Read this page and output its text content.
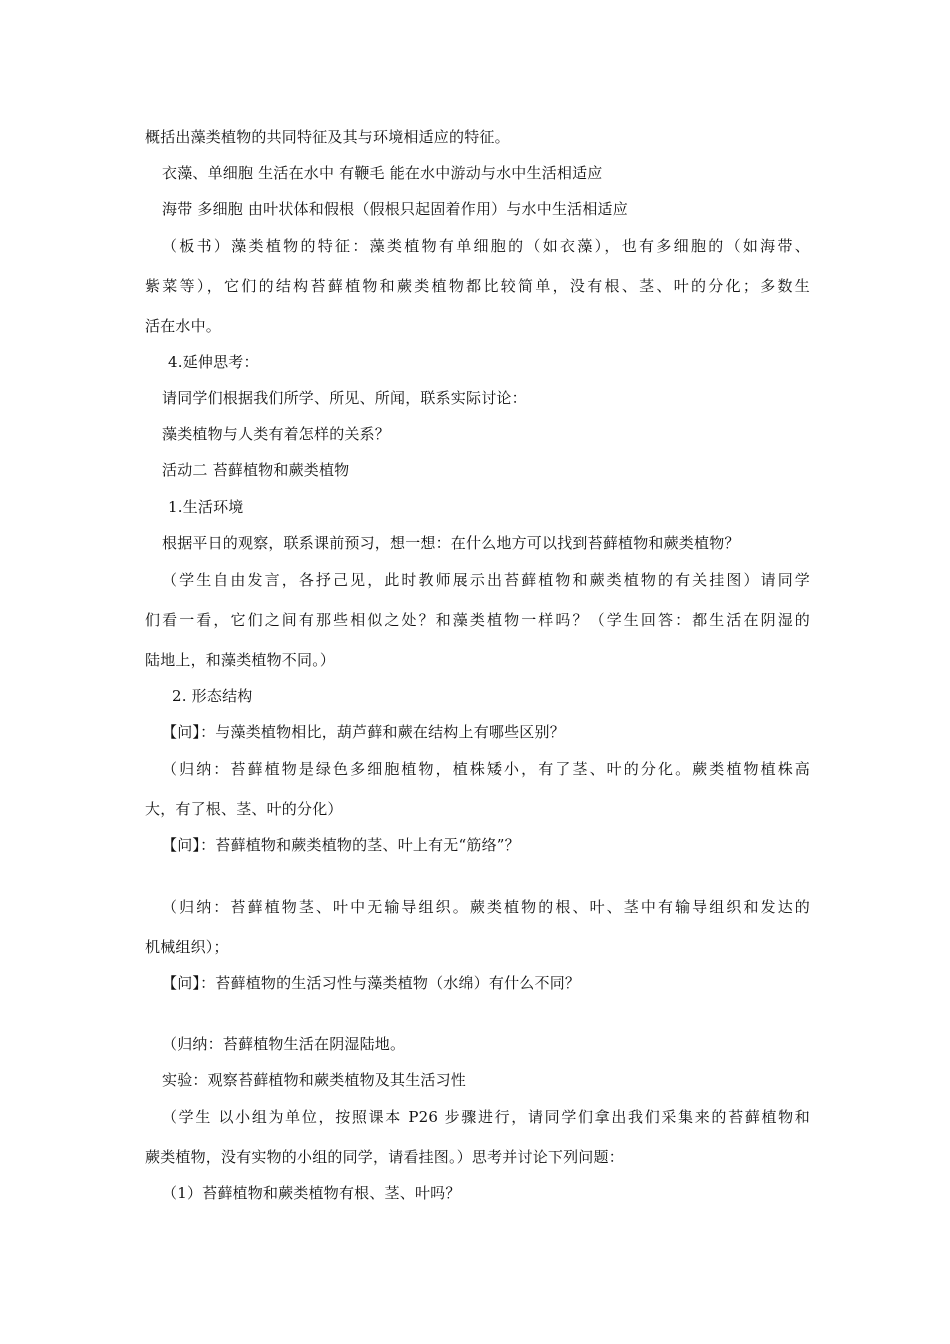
概括出藻类植物的共同特征及其与环境相适应的特征。
衣藻、单细胞 生活在水中 有鞭毛 能在水中游动与水中生活相适应
海带 多细胞 由叶状体和假根（假根只起固着作用）与水中生活相适应
（板书）藻类植物的特征：藻类植物有单细胞的（如衣藻），也有多细胞的（如海带、
紫菜等），它们的结构苔藓植物和蕨类植物都比较简单，没有根、茎、叶的分化；多数生
活在水中。
4.延伸思考：
请同学们根据我们所学、所见、所闻，联系实际讨论：
藻类植物与人类有着怎样的关系？
活动二 苔藓植物和蕨类植物
1.生活环境
根据平日的观察，联系课前预习，想一想：在什么地方可以找到苔藓植物和蕨类植物？
（学生自由发言，各抒己见，此时教师展示出苔藓植物和蕨类植物的有关挂图）请同学
们看一看，它们之间有那些相似之处？和藻类植物一样吗？（学生回答：都生活在阴湿的
陆地上，和藻类植物不同。）
2. 形态结构
【问】：与藻类植物相比，葫芦藓和蕨在结构上有哪些区别？
（归纳：苔藓植物是绿色多细胞植物，植株矮小，有了茎、叶的分化。蕨类植物植株高
大，有了根、茎、叶的分化）
【问】：苔藓植物和蕨类植物的茎、叶上有无“筋络”？
（归纳：苔藓植物茎、叶中无输导组织。蕨类植物的根、叶、茎中有输导组织和发达的
机械组织）；
【问】：苔藓植物的生活习性与藻类植物（水绵）有什么不同？
（归纳：苔藓植物生活在阴湿陆地。
实验：观察苔藓植物和蕨类植物及其生活习性
（学生 以小组为单位，按照课本 P26 步骤进行，请同学们拿出我们采集来的苔藓植物和
蕨类植物，没有实物的小组的同学，请看挂图。）思考并讨论下列问题：
（1）苔藓植物和蕨类植物有根、茎、叶吗？
